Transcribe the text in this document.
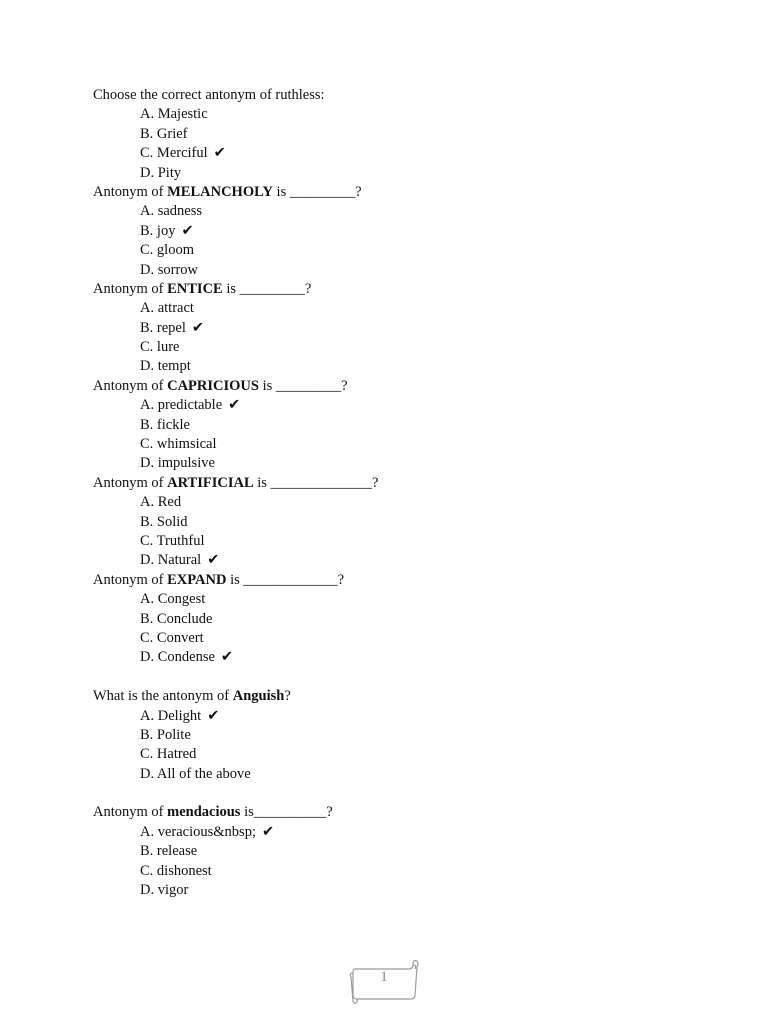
Choose the correct antonym of ruthless:
A. Majestic
B. Grief
C. Merciful ✔
D. Pity
Antonym of MELANCHOLY is _________?
A. sadness
B. joy ✔
C. gloom
D. sorrow
Antonym of ENTICE is _________?
A. attract
B. repel ✔
C. lure
D. tempt
Antonym of CAPRICIOUS is _________?
A. predictable ✔
B. fickle
C. whimsical
D. impulsive
Antonym of ARTIFICIAL is ______________?
A. Red
B. Solid
C. Truthful
D. Natural ✔
Antonym of EXPAND is _____________?
A. Congest
B. Conclude
C. Convert
D. Condense ✔
What is the antonym of Anguish?
A. Delight ✔
B. Polite
C. Hatred
D. All of the above
Antonym of mendacious is__________?
A. veracious&nbsp; ✔
B. release
C. dishonest
D. vigor
1
